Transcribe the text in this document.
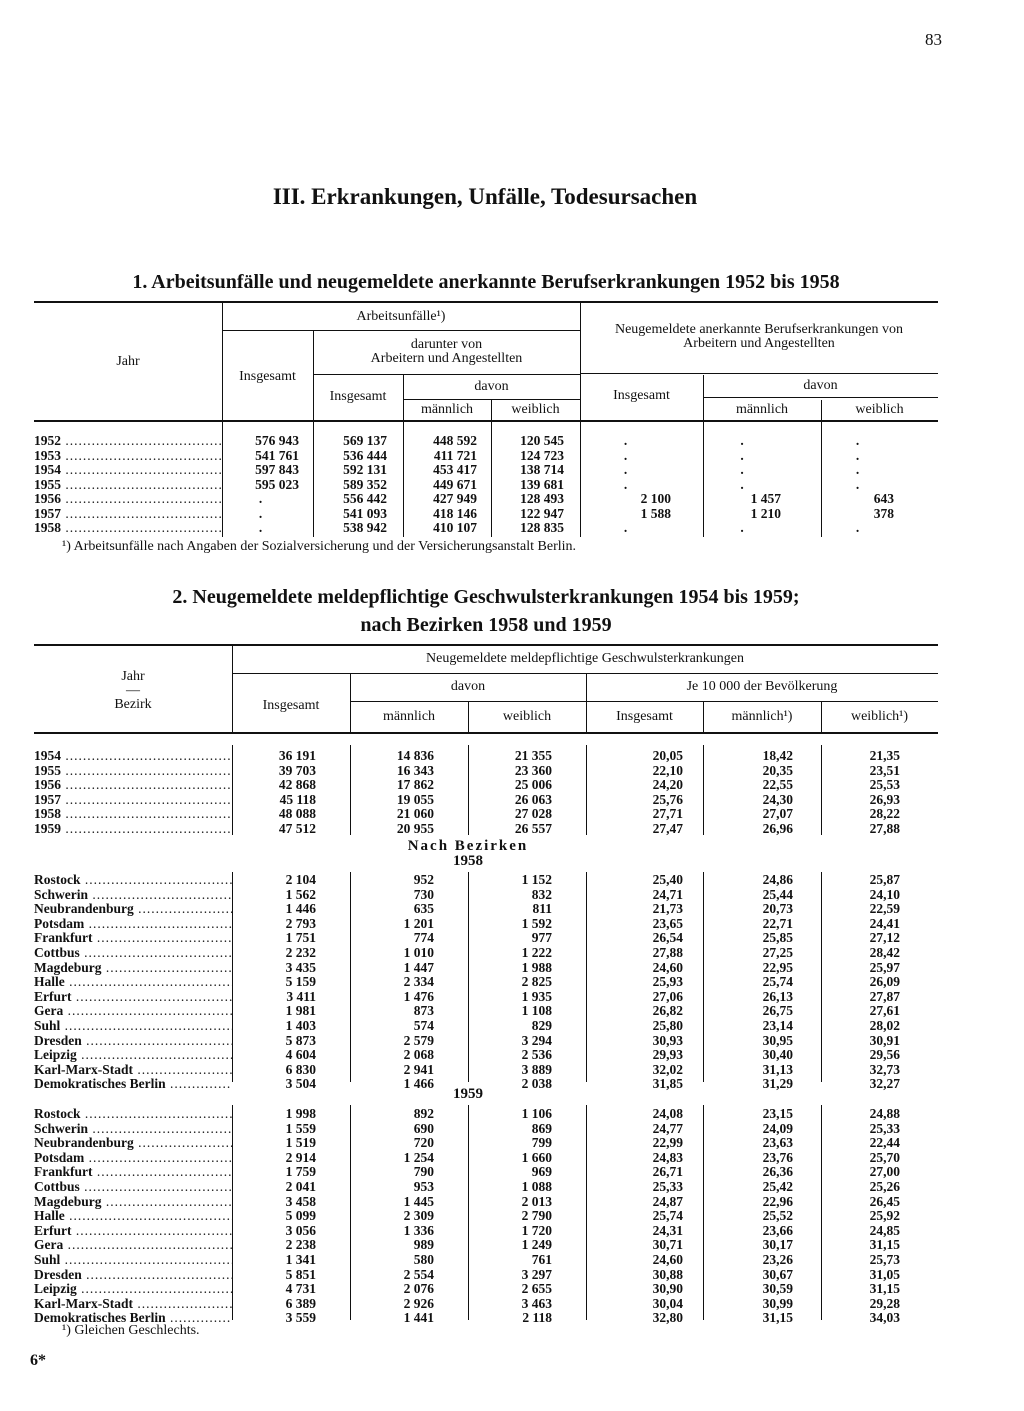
83
III. Erkrankungen, Unfälle, Todesursachen
1. Arbeitsunfälle und neugemeldete anerkannte Berufserkrankungen 1952 bis 1958
Jahr
Arbeitsunfälle¹)
Insgesamt
darunter von
Arbeitern und Angestellten
Insgesamt
davon
männlich	weiblich
Neugemeldete anerkannte Berufserkrankungen von
Arbeitern und Angestellten
Insgesamt
davon
männlich	weiblich
1952 .....	576 943	569 137	448 592	120 545	.	.	.
1953 .....	541 761	536 444	411 721	124 723	.	.	.
1954 .....	597 843	592 131	453 417	138 714	.	.	.
1955 .....	595 023	589 352	449 671	139 681	.	.	.
1956 .....	.	556 442	427 949	128 493	2 100	1 457	643
1957 .....	.	541 093	418 146	122 947	1 588	1 210	378
1958 .....	.	538 942	410 107	128 835	.	.	.
¹) Arbeitsunfälle nach Angaben der Sozialversicherung und der Versicherungsanstalt Berlin.
2. Neugemeldete meldepflichtige Geschwulsterkrankungen 1954 bis 1959;
nach Bezirken 1958 und 1959
Jahr
—
Bezirk
Neugemeldete meldepflichtige Geschwulsterkrankungen
Insgesamt
davon
männlich	weiblich
Je 10 000 der Bevölkerung
Insgesamt	männlich¹)	weiblich¹)
1954 .....	36 191	14 836	21 355	20,05	18,42	21,35
1955 .....	39 703	16 343	23 360	22,10	20,35	23,51
1956 .....	42 868	17 862	25 006	24,20	22,55	25,53
1957 .....	45 118	19 055	26 063	25,76	24,30	26,93
1958 .....	48 088	21 060	27 028	27,71	27,07	28,22
1959 .....	47 512	20 955	26 557	27,47	26,96	27,88
Nach Bezirken
1958
Rostock .....	2 104	952	1 152	25,40	24,86	25,87
Schwerin .....	1 562	730	832	24,71	25,44	24,10
Neubrandenburg .....	1 446	635	811	21,73	20,73	22,59
Potsdam .....	2 793	1 201	1 592	23,65	22,71	24,41
Frankfurt .....	1 751	774	977	26,54	25,85	27,12
Cottbus .....	2 232	1 010	1 222	27,88	27,25	28,42
Magdeburg .....	3 435	1 447	1 988	24,60	22,95	25,97
Halle .....	5 159	2 334	2 825	25,93	25,74	26,09
Erfurt .....	3 411	1 476	1 935	27,06	26,13	27,87
Gera .....	1 981	873	1 108	26,82	26,75	27,61
Suhl .....	1 403	574	829	25,80	23,14	28,02
Dresden .....	5 873	2 579	3 294	30,93	30,95	30,91
Leipzig .....	4 604	2 068	2 536	29,93	30,40	29,56
Karl-Marx-Stadt .....	6 830	2 941	3 889	32,02	31,13	32,73
Demokratisches Berlin .....	3 504	1 466	2 038	31,85	31,29	32,27
1959
Rostock .....	1 998	892	1 106	24,08	23,15	24,88
Schwerin .....	1 559	690	869	24,77	24,09	25,33
Neubrandenburg .....	1 519	720	799	22,99	23,63	22,44
Potsdam .....	2 914	1 254	1 660	24,83	23,76	25,70
Frankfurt .....	1 759	790	969	26,71	26,36	27,00
Cottbus .....	2 041	953	1 088	25,33	25,42	25,26
Magdeburg .....	3 458	1 445	2 013	24,87	22,96	26,45
Halle .....	5 099	2 309	2 790	25,74	25,52	25,92
Erfurt .....	3 056	1 336	1 720	24,31	23,66	24,85
Gera .....	2 238	989	1 249	30,71	30,17	31,15
Suhl .....	1 341	580	761	24,60	23,26	25,73
Dresden .....	5 851	2 554	3 297	30,88	30,67	31,05
Leipzig .....	4 731	2 076	2 655	30,90	30,59	31,15
Karl-Marx-Stadt .....	6 389	2 926	3 463	30,04	30,99	29,28
Demokratisches Berlin .....	3 559	1 441	2 118	32,80	31,15	34,03
¹) Gleichen Geschlechts.
6*
